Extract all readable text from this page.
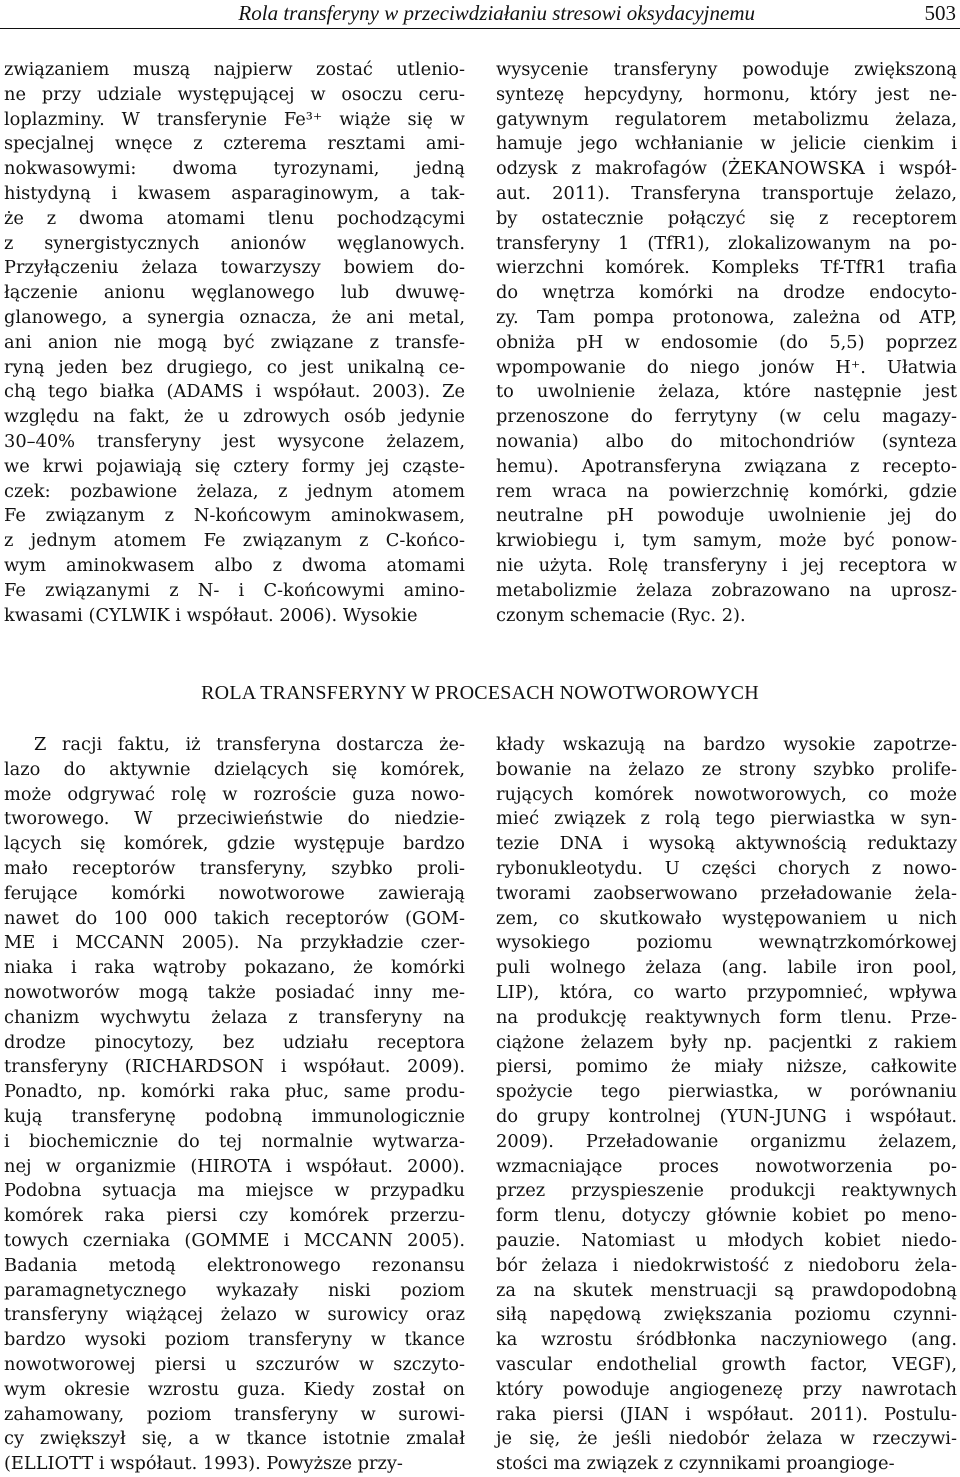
Rola transferyny w przeciwdziałaniu stresowi oksydacyjnemu	503
związaniem muszą najpierw zostać utlenio-
ne przy udziale występującej w osoczu ceru-
loplazminy. W transferynie Fe³⁺ wiąże się w
specjalnej wnęce z czterema resztami ami-
nokwasowymi: dwoma tyrozynami, jedną
histydyną i kwasem asparaginowym, a tak-
że z dwoma atomami tlenu pochodzącymi
z synergistycznych anionów węglanowych.
Przyłączeniu żelaza towarzyszy bowiem do-
łączenie anionu węglanowego lub dwuwę-
glanowego, a synergia oznacza, że ani metal,
ani anion nie mogą być związane z transfe-
ryną jeden bez drugiego, co jest unikalną ce-
chą tego białka (ADAMS i współaut. 2003). Ze
względu na fakt, że u zdrowych osób jedynie
30–40% transferyny jest wysycone żelazem,
we krwi pojawiają się cztery formy jej cząste-
czek: pozbawione żelaza, z jednym atomem
Fe związanym z N-końcowym aminokwasem,
z jednym atomem Fe związanym z C-końco-
wym aminokwasem albo z dwoma atomami
Fe związanymi z N- i C-końcowymi amino-
kwasami (CYLWIK i współaut. 2006). Wysokie
wysycenie transferyny powoduje zwiększoną
syntezę hepcydyny, hormonu, który jest ne-
gatywnym regulatorem metabolizmu żelaza,
hamuje jego wchłanianie w jelicie cienkim i
odzysk z makrofagów (ŻEKANOWSKA i współ-
aut. 2011). Transferyna transportuje żelazo,
by ostatecznie połączyć się z receptorem
transferyny 1 (TfR1), zlokalizowanym na po-
wierzchni komórek. Kompleks Tf-TfR1 trafia
do wnętrza komórki na drodze endocyto-
zy. Tam pompa protonowa, zależna od ATP,
obniża pH w endosomie (do 5,5) poprzez
wpompowanie do niego jonów H⁺. Ułatwia
to uwolnienie żelaza, które następnie jest
przenoszone do ferrytyny (w celu magazy-
nowania) albo do mitochondriów (synteza
hemu). Apotransferyna związana z recepto-
rem wraca na powierzchnię komórki, gdzie
neutralne pH powoduje uwolnienie jej do
krwiobiegu i, tym samym, może być ponow-
nie użyta. Rolę transferyny i jej receptora w
metabolizmie żelaza zobrazowano na uprosz-
czonym schemacie (Ryc. 2).
ROLA TRANSFERYNY W PROCESACH NOWOTWOROWYCH
Z racji faktu, iż transferyna dostarcza że-
lazo do aktywnie dzielących się komórek,
może odgrywać rolę w rozroście guza nowo-
tworowego. W przeciwieństwie do niedzie-
lących się komórek, gdzie występuje bardzo
mało receptorów transferyny, szybko proli-
ferujące komórki nowotworowe zawierają
nawet do 100 000 takich receptorów (GOM-
ME i MCCANN 2005). Na przykładzie czer-
niaka i raka wątroby pokazano, że komórki
nowotworów mogą także posiadać inny me-
chanizm wychwytu żelaza z transferyny na
drodze pinocytozy, bez udziału receptora
transferyny (RICHARDSON i współaut. 2009).
Ponadto, np. komórki raka płuc, same produ-
kują transferynę podobną immunologicznie
i biochemicznie do tej normalnie wytwarza-
nej w organizmie (HIROTA i współaut. 2000).
Podobna sytuacja ma miejsce w przypadku
komórek raka piersi czy komórek przerzu-
towych czerniaka (GOMME i MCCANN 2005).
Badania metodą elektronowego rezonansu
paramagnetycznego wykazały niski poziom
transferyny wiążącej żelazo w surowicy oraz
bardzo wysoki poziom transferyny w tkance
nowotworowej piersi u szczurów w szczyto-
wym okresie wzrostu guza. Kiedy został on
zahamowany, poziom transferyny w surowi-
cy zwiększył się, a w tkance istotnie zmalał
(ELLIOTT i współaut. 1993). Powyższe przy-
kłady wskazują na bardzo wysokie zapotrze-
bowanie na żelazo ze strony szybko prolife-
rujących komórek nowotworowych, co może
mieć związek z rolą tego pierwiastka w syn-
tezie DNA i wysoką aktywnością reduktazy
rybonukleotydu. U części chorych z nowo-
tworami zaobserwowano przeładowanie żela-
zem, co skutkowało występowaniem u nich
wysokiego poziomu wewnątrzkomórkowej
puli wolnego żelaza (ang. labile iron pool,
LIP), która, co warto przypomnieć, wpływa
na produkcję reaktywnych form tlenu. Prze-
ciążone żelazem były np. pacjentki z rakiem
piersi, pomimo że miały niższe, całkowite
spożycie tego pierwiastka, w porównaniu
do grupy kontrolnej (YUN-JUNG i współaut.
2009). Przeładowanie organizmu żelazem,
wzmacniające proces nowotworzenia po-
przez przyspieszenie produkcji reaktywnych
form tlenu, dotyczy głównie kobiet po meno-
pauzie. Natomiast u młodych kobiet niedo-
bór żelaza i niedokrwistość z niedoboru żela-
za na skutek menstruacji są prawdopodobną
siłą napędową zwiększania poziomu czynni-
ka wzrostu śródbłonka naczyniowego (ang.
vascular endothelial growth factor, VEGF),
który powoduje angiogenezę przy nawrotach
raka piersi (JIAN i współaut. 2011). Postulu-
je się, że jeśli niedobór żelaza w rzeczywi-
stości ma związek z czynnikami proangioge-
